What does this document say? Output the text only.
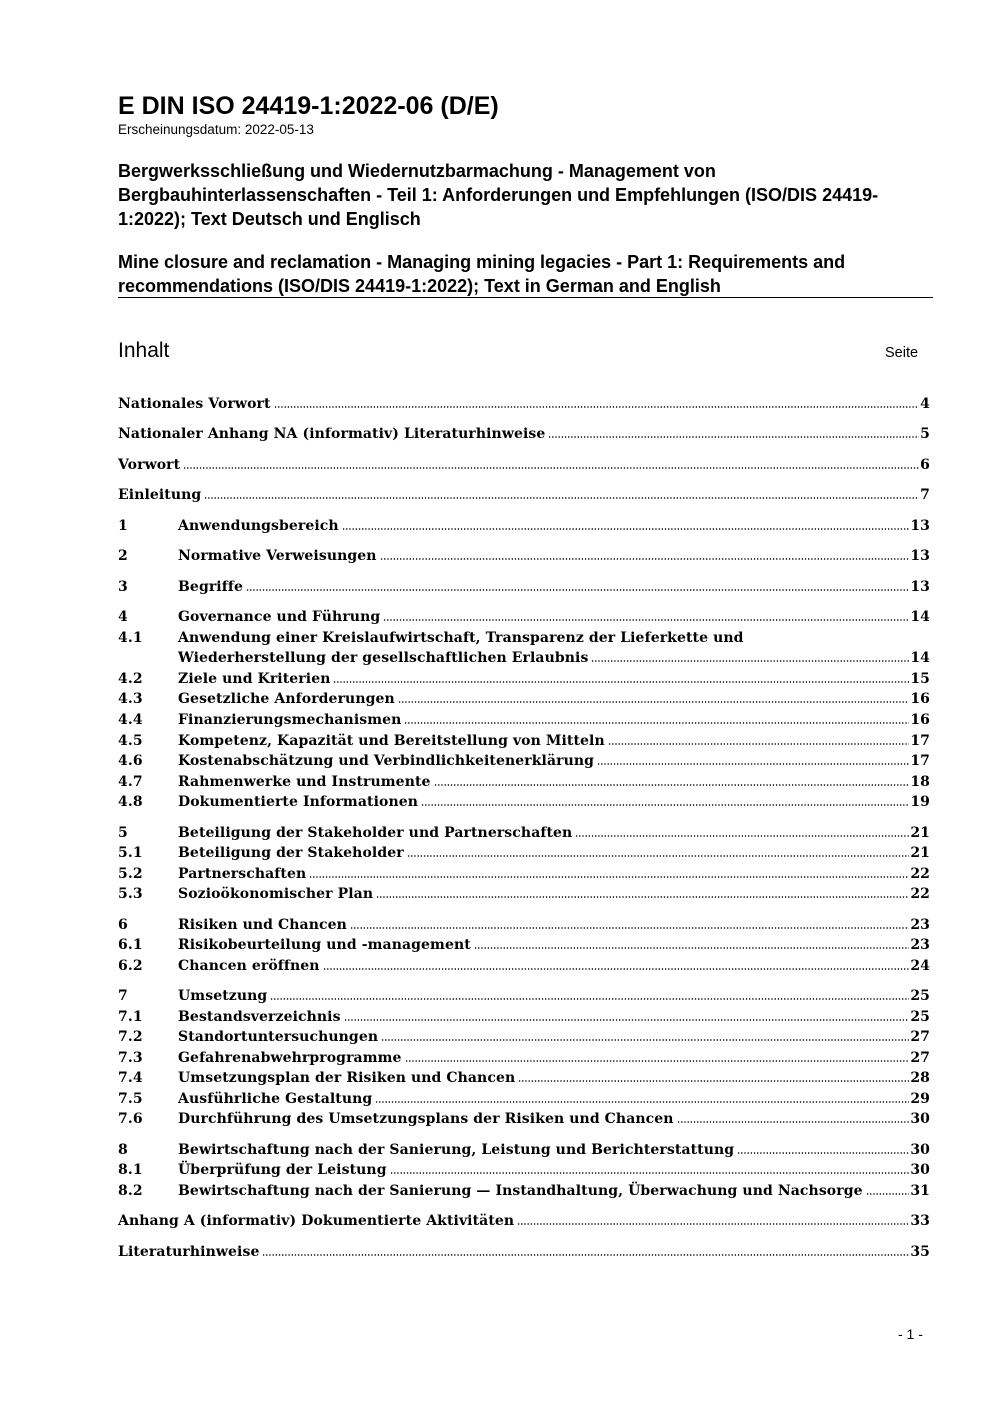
E DIN ISO 24419-1:2022-06 (D/E)
Erscheinungsdatum: 2022-05-13
Bergwerksschließung und Wiedernutzbarmachung - Management von Bergbauhinterlassenschaften - Teil 1: Anforderungen und Empfehlungen (ISO/DIS 24419-1:2022); Text Deutsch und Englisch
Mine closure and reclamation - Managing mining legacies - Part 1: Requirements and recommendations (ISO/DIS 24419-1:2022); Text in German and English
Inhalt	Seite
Nationales Vorwort	4
Nationaler Anhang NA (informativ) Literaturhinweise	5
Vorwort	6
Einleitung	7
1	Anwendungsbereich	13
2	Normative Verweisungen	13
3	Begriffe	13
4	Governance und Führung	14
4.1	Anwendung einer Kreislaufwirtschaft, Transparenz der Lieferkette und
Wiederherstellung der gesellschaftlichen Erlaubnis	14
4.2	Ziele und Kriterien	15
4.3	Gesetzliche Anforderungen	16
4.4	Finanzierungsmechanismen	16
4.5	Kompetenz, Kapazität und Bereitstellung von Mitteln	17
4.6	Kostenabschätzung und Verbindlichkeitenerklärung	17
4.7	Rahmenwerke und Instrumente	18
4.8	Dokumentierte Informationen	19
5	Beteiligung der Stakeholder und Partnerschaften	21
5.1	Beteiligung der Stakeholder	21
5.2	Partnerschaften	22
5.3	Sozioökonomischer Plan	22
6	Risiken und Chancen	23
6.1	Risikobeurteilung und -management	23
6.2	Chancen eröffnen	24
7	Umsetzung	25
7.1	Bestandsverzeichnis	25
7.2	Standortuntersuchungen	27
7.3	Gefahrenabwehrprogramme	27
7.4	Umsetzungsplan der Risiken und Chancen	28
7.5	Ausführliche Gestaltung	29
7.6	Durchführung des Umsetzungsplans der Risiken und Chancen	30
8	Bewirtschaftung nach der Sanierung, Leistung und Berichterstattung	30
8.1	Überprüfung der Leistung	30
8.2	Bewirtschaftung nach der Sanierung — Instandhaltung, Überwachung und Nachsorge	31
Anhang A (informativ) Dokumentierte Aktivitäten	33
Literaturhinweise	35
- 1 -
